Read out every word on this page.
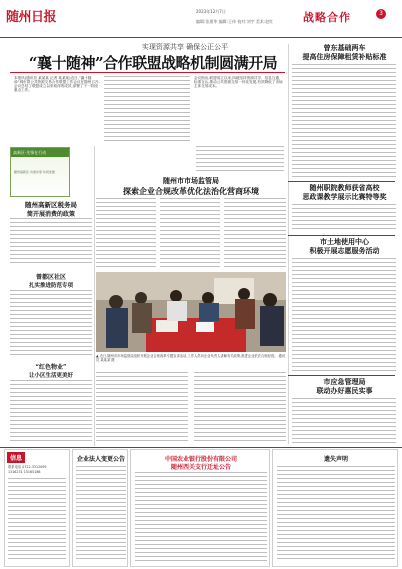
随州日报	2023年12月7日
编辑:张建华 编辑:王伟 校对:刘宇 美术:赵红	战略合作	3
实现资源共享 确保公正公平
“襄十随神”合作联盟战略机制圆满开局
本报讯(通讯员 某某某 记者 某某某)近日,“襄十随神”城市群公共资源交易合作联盟工作会议在随州召开,会议总结了联盟成立以来取得的成效,部署了下一阶段重点工作。
会议指出,联盟成立以来,四地坚持资源共享、信息互通、标准互认,推动公共资源交易一体化发展,有效降低了市场主体交易成本。
高新区·先锋在行动
随州高新区 共建共享 共同发展
随州高新区税务局
简开展消费的政策
曾都区社区
扎实推进防范专项
“红色物业”
让小区生活更美好
随州市市场监管局
探索企业合规改革优化法治化营商环境
▲ 近日,随州市市场监管局组织开展企业合规改革专题宣讲活动,工作人员向企业负责人讲解有关政策,推进企业依法合规经营。 通讯员 某某某 摄
曾东基础两车
提高住房保障租赁补贴标准
随州职院教师获省高校
思政课教学展示比赛特等奖
市土地使用中心
积极开展志愿服务活动
市应急管理局
联动办好惠民实事
信息
联系电话 0722-3312099
1316231 15165186
企业法人变更公告	中国农业银行股份有限公司
随州西关支行迁址公告
遗失声明
